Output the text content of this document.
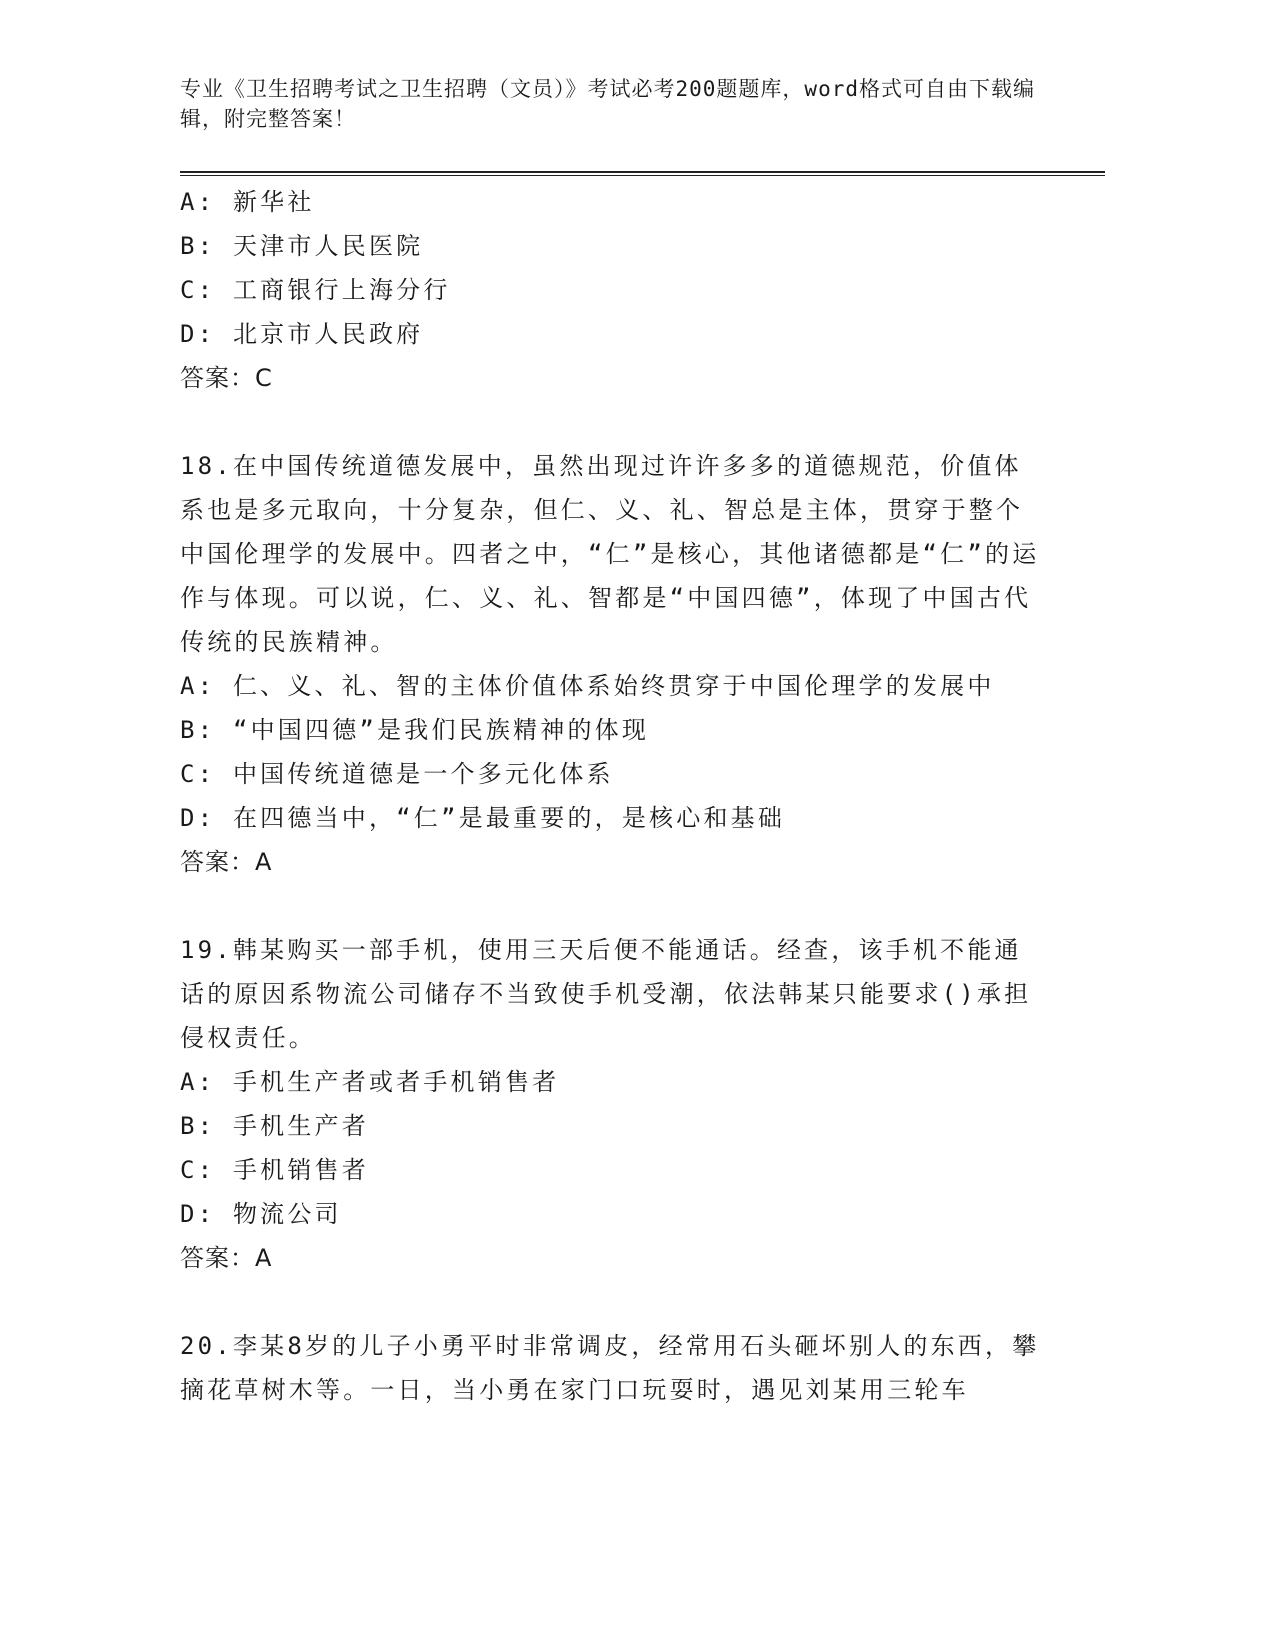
专业《卫生招聘考试之卫生招聘（文员）》考试必考200题题库，word格式可自由下载编辑，附完整答案！
A: 新华社
B: 天津市人民医院
C: 工商银行上海分行
D: 北京市人民政府
答案：C
18.在中国传统道德发展中，虽然出现过许许多多的道德规范，价值体系也是多元取向，十分复杂，但仁、义、礼、智总是主体，贯穿于整个中国伦理学的发展中。四者之中，“仁”是核心，其他诸德都是“仁”的运作与体现。可以说，仁、义、礼、智都是“中国四德”，体现了中国古代传统的民族精神。
A: 仁、义、礼、智的主体价值体系始终贯穿于中国伦理学的发展中
B: “中国四德”是我们民族精神的体现
C: 中国传统道德是一个多元化体系
D: 在四德当中，“仁”是最重要的，是核心和基础
答案：A
19.韩某购买一部手机，使用三天后便不能通话。经查，该手机不能通话的原因系物流公司储存不当致使手机受潮，依法韩某只能要求()承担侵权责任。
A: 手机生产者或者手机销售者
B: 手机生产者
C: 手机销售者
D: 物流公司
答案：A
20.李某8岁的儿子小勇平时非常调皮，经常用石头砸坏别人的东西，攀摘花草树木等。一日，当小勇在家门口玩耍时，遇见刘某用三轮车
